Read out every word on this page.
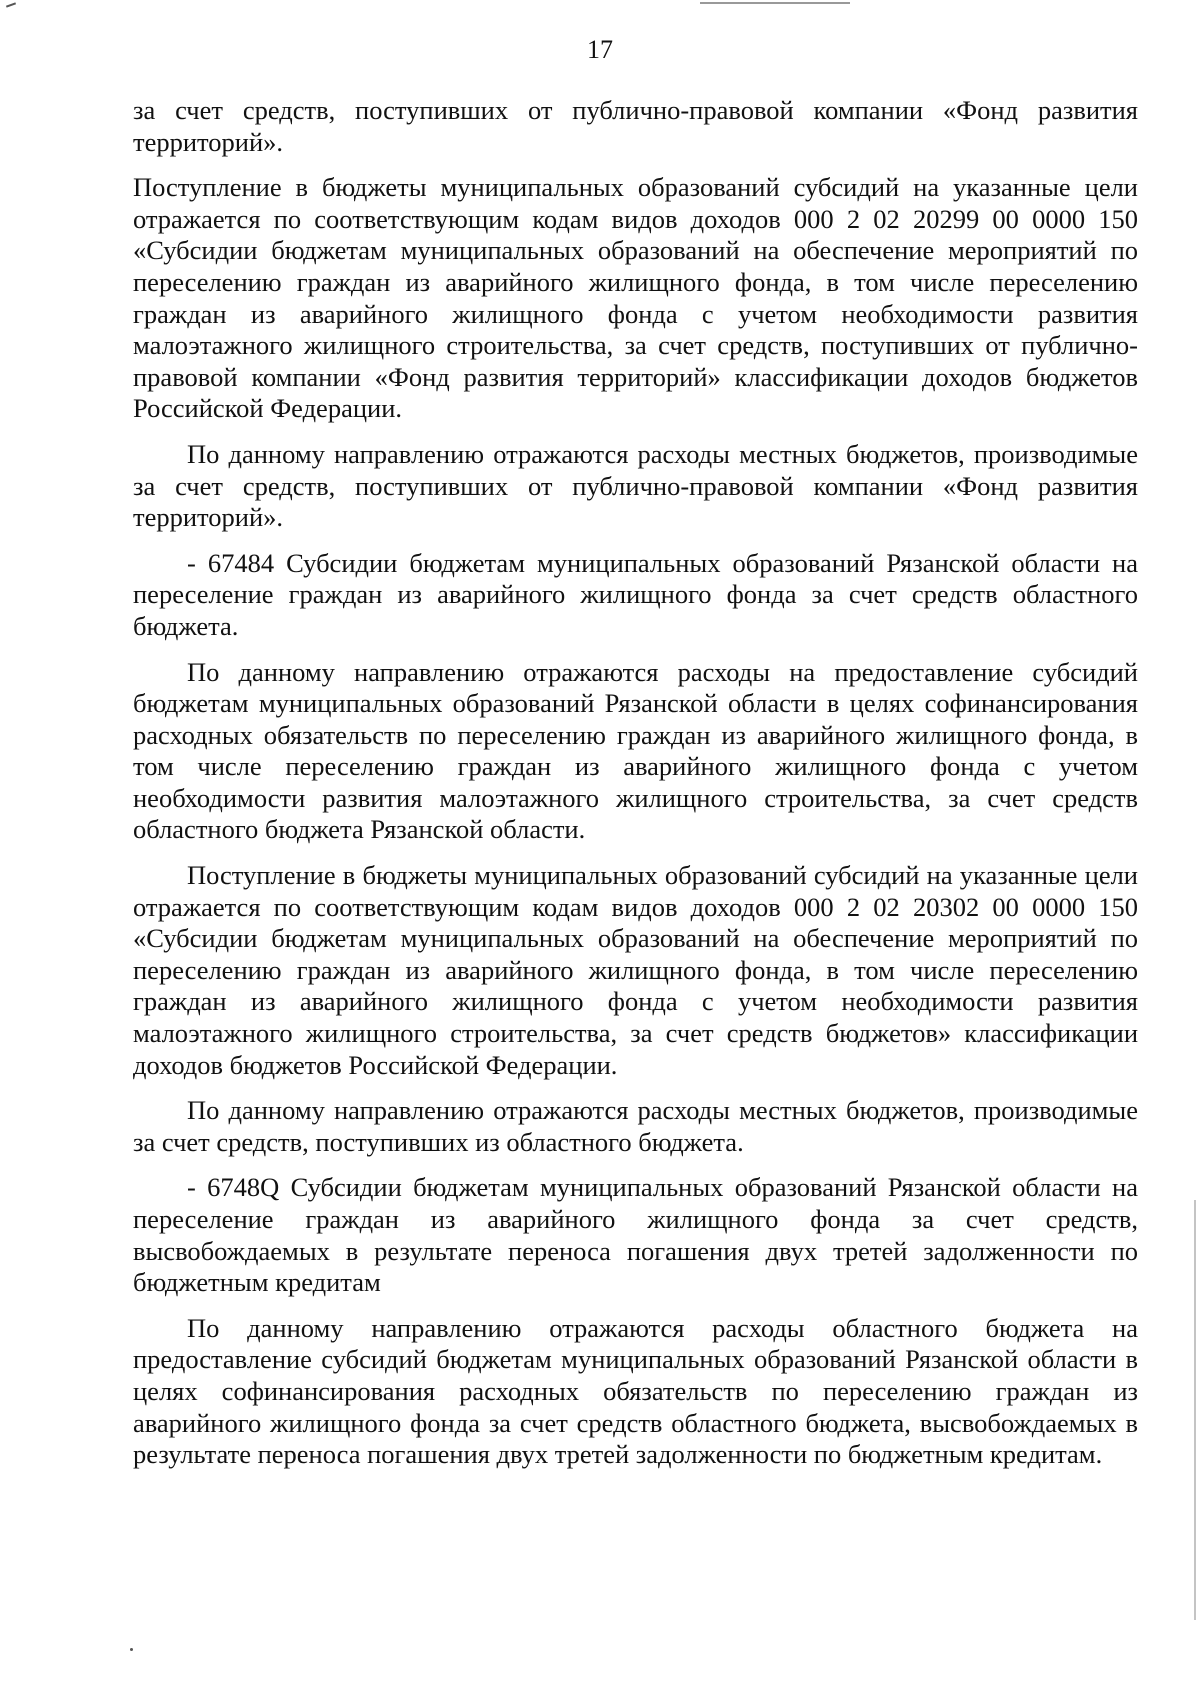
17

за счет средств, поступивших от публично-правовой компании «Фонд развития территорий».

Поступление в бюджеты муниципальных образований субсидий на указанные цели отражается по соответствующим кодам видов доходов 000 2 02 20299 00 0000 150 «Субсидии бюджетам муниципальных образований на обеспечение мероприятий по переселению граждан из аварийного жилищного фонда, в том числе переселению граждан из аварийного жилищного фонда с учетом необходимости развития малоэтажного жилищного строительства, за счет средств, поступивших от публично-правовой компании «Фонд развития территорий» классификации доходов бюджетов Российской Федерации.

По данному направлению отражаются расходы местных бюджетов, производимые за счет средств, поступивших от публично-правовой компании «Фонд развития территорий».

- 67484 Субсидии бюджетам муниципальных образований Рязанской области на переселение граждан из аварийного жилищного фонда за счет средств областного бюджета.

По данному направлению отражаются расходы на предоставление субсидий бюджетам муниципальных образований Рязанской области в целях софинансирования расходных обязательств по переселению граждан из аварийного жилищного фонда, в том числе переселению граждан из аварийного жилищного фонда с учетом необходимости развития малоэтажного жилищного строительства, за счет средств областного бюджета Рязанской области.

Поступление в бюджеты муниципальных образований субсидий на указанные цели отражается по соответствующим кодам видов доходов 000 2 02 20302 00 0000 150 «Субсидии бюджетам муниципальных образований на обеспечение мероприятий по переселению граждан из аварийного жилищного фонда, в том числе переселению граждан из аварийного жилищного фонда с учетом необходимости развития малоэтажного жилищного строительства, за счет средств бюджетов» классификации доходов бюджетов Российской Федерации.

По данному направлению отражаются расходы местных бюджетов, производимые за счет средств, поступивших из областного бюджета.

- 6748Q Субсидии бюджетам муниципальных образований Рязанской области на переселение граждан из аварийного жилищного фонда за счет средств, высвобождаемых в результате переноса погашения двух третей задолженности по бюджетным кредитам

По данному направлению отражаются расходы областного бюджета на предоставление субсидий бюджетам муниципальных образований Рязанской области в целях софинансирования расходных обязательств по переселению граждан из аварийного жилищного фонда за счет средств областного бюджета, высвобождаемых в результате переноса погашения двух третей задолженности по бюджетным кредитам.
